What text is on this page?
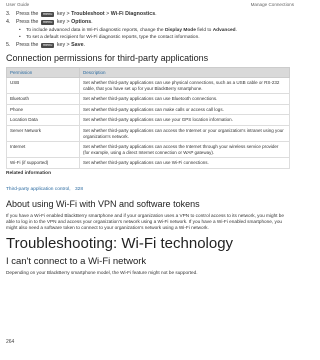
User Guide	Manage Connections
3. Press the menu key > Troubleshoot > Wi-Fi Diagnostics.
4. Press the menu key > Options.
• To include advanced data in Wi-Fi diagnostic reports, change the Display Mode field to Advanced.
• To set a default recipient for Wi-Fi diagnostic reports, type the contact information.
5. Press the menu key > Save.
Connection permissions for third-party applications
Permission	Description
USB	Set whether third-party applications can use physical connections, such as a USB cable or RS-232 cable, that you have set up for your BlackBerry smartphone.
Bluetooth	Set whether third-party applications can use Bluetooth connections.
Phone	Set whether third-party applications can make calls or access call logs.
Location Data	Set whether third-party applications can use your GPS location information.
Server Network	Set whether third-party applications can access the Internet or your organization's intranet using your organization's network.
Internet	Set whether third-party applications can access the Internet through your wireless service provider (for example, using a direct Internet connection or WAP gateway).
Wi-Fi (if supported)	Set whether third-party applications can use Wi-Fi connections.
Related information
Third-party application control, 328
About using Wi-Fi with VPN and software tokens

If you have a Wi-Fi enabled BlackBerry smartphone and if your organization uses a VPN to control access to its network, you might be able to log in to the VPN and access your organization's network using a Wi-Fi network. If you have a Wi-Fi enabled smartphone, you might also need a software token to connect to your organization's network using a Wi-Fi network.

Troubleshooting: Wi-Fi technology
I can't connect to a Wi-Fi network

Depending on your BlackBerry smartphone model, the Wi-Fi feature might not be supported.

264
